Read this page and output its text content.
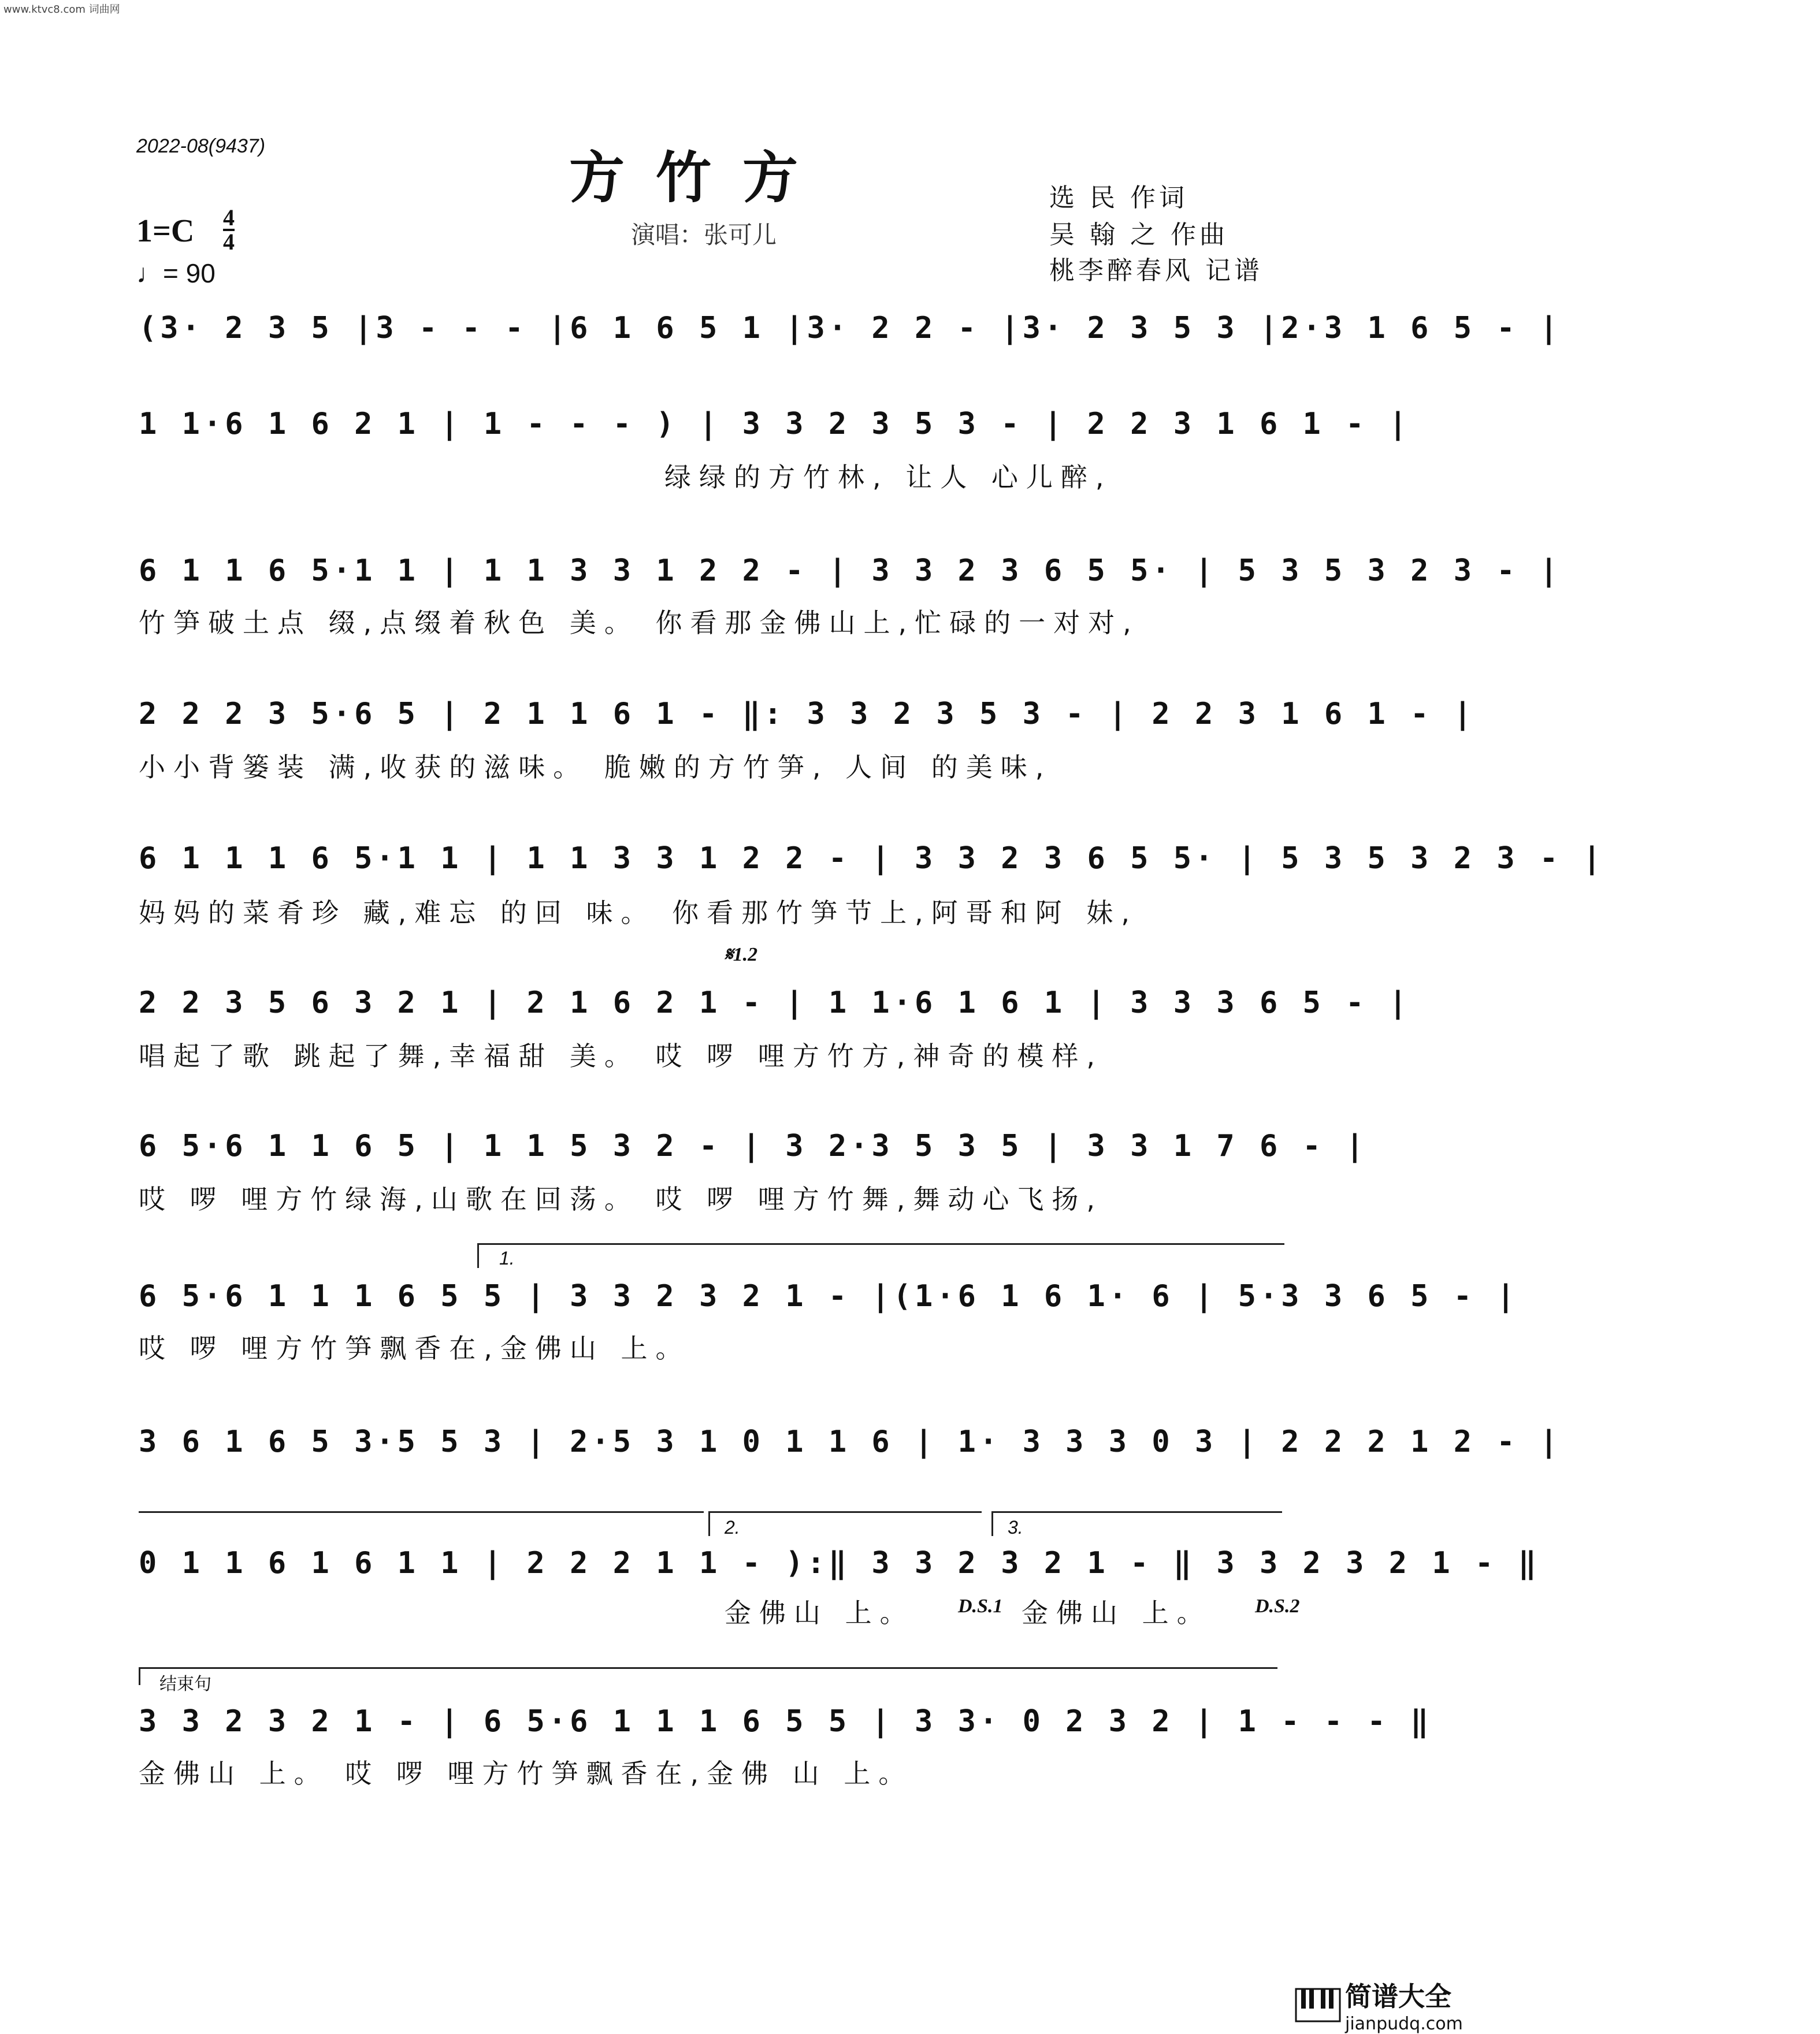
www.ktvc8.com 词曲网
2022-08(9437)	方竹方
1=C 4
4
♩= 90
演唱：张可儿
选 民 作词
吴 翰 之 作曲
桃李醉春风 记谱
(3· 2 3 5 |3 - - - |6 1 6 5 1 |3· 2 2 - |3· 2 3 5 3 |2·3 1 6 5 - |
1 1·6 1 6 2 1 | 1 - - - ) | 3 3 2 3 5 3 - | 2 2 3 1 6 1 - |
绿绿的方竹林, 让人 心儿醉,
6 1 1 6 5·1 1 | 1 1 3 3 1 2 2 - | 3 3 2 3 6 5 5· | 5 3 5 3 2 3 - |
竹笋破土点 缀,点缀着秋色 美。 你看那金佛山上,忙碌的一对对,
2 2 2 3 5·6 5 | 2 1 1 6 1 - ‖: 3 3 2 3 5 3 - | 2 2 3 1 6 1 - |
小小背篓装 满,收获的滋味。 脆嫩的方竹笋, 人间 的美味,
6 1 1 1 6 5·1 1 | 1 1 3 3 1 2 2 - | 3 3 2 3 6 5 5· | 5 3 5 3 2 3 - |
妈妈的菜肴珍 藏,难忘 的回 味。 你看那竹笋节上,阿哥和阿 妹,
𝄋1.2
2 2 3 5 6 3 2 1 | 2 1 6 2 1 - | 1 1·6 1 6 1 | 3 3 3 6 5 - |
唱起了歌 跳起了舞,幸福甜 美。 哎 啰 哩方竹方,神奇的模样,
6 5·6 1 1 6 5 | 1 1 5 3 2 - | 3 2·3 5 3 5 | 3 3 1 7 6 - |
哎 啰 哩方竹绿海,山歌在回荡。 哎 啰 哩方竹舞,舞动心飞扬,
1.
6 5·6 1 1 1 6 5 5 | 3 3 2 3 2 1 - |(1·6 1 6 1· 6 | 5·3 3 6 5 - |
哎 啰 哩方竹笋飘香在,金佛山 上。
3 6 1 6 5 3·5 5 3 | 2·5 3 1 0 1 1 6 | 1· 3 3 3 0 3 | 2 2 2 1 2 - |
2.	3.
0 1 1 6 1 6 1 1 | 2 2 2 1 1 - ):‖ 3 3 2 3 2 1 - ‖ 3 3 2 3 2 1 - ‖
金佛山 上。	D.S.1 金佛山 上。	D.S.2
结束句
3 3 2 3 2 1 - | 6 5·6 1 1 1 6 5 5 | 3 3· 0 2 3 2 | 1 - - - ‖
金佛山 上。 哎 啰 哩方竹笋飘香在,金佛 山 上。
简谱大全
jianpudq.com
